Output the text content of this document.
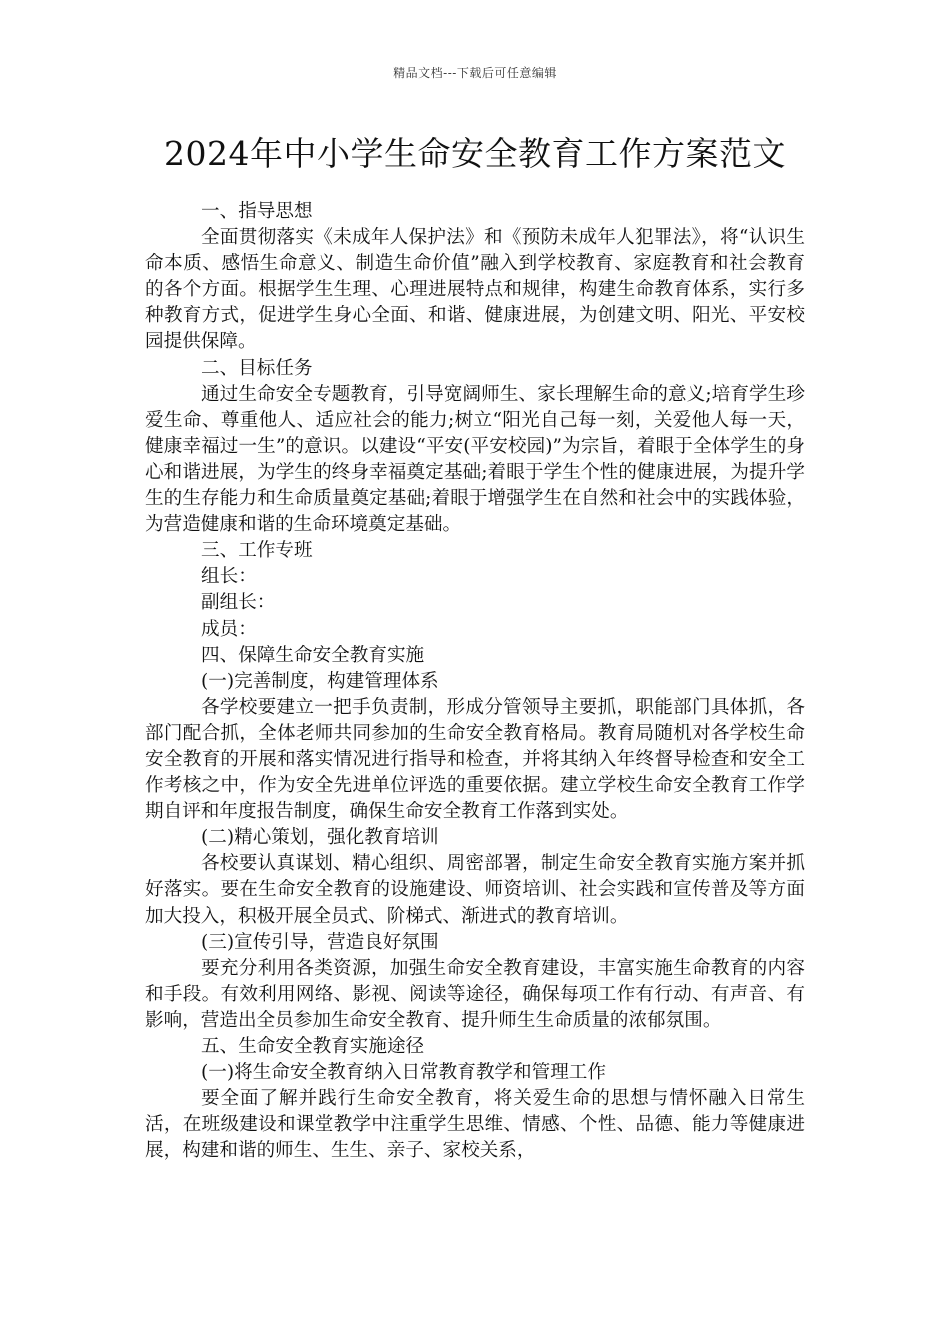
精品文档---下载后可任意编辑
2024年中小学生命安全教育工作方案范文

一、指导思想

全面贯彻落实《未成年人保护法》和《预防未成年人犯罪法》，将“认识生命本质、感悟生命意义、制造生命价值”融入到学校教育、家庭教育和社会教育的各个方面。根据学生生理、心理进展特点和规律，构建生命教育体系，实行多种教育方式，促进学生身心全面、和谐、健康进展，为创建文明、阳光、平安校园提供保障。

二、目标任务

通过生命安全专题教育，引导宽阔师生、家长理解生命的意义;培育学生珍爱生命、尊重他人、适应社会的能力;树立“阳光自己每一刻，关爱他人每一天，健康幸福过一生”的意识。以建设“平安(平安校园)”为宗旨，着眼于全体学生的身心和谐进展，为学生的终身幸福奠定基础;着眼于学生个性的健康进展，为提升学生的生存能力和生命质量奠定基础;着眼于增强学生在自然和社会中的实践体验，为营造健康和谐的生命环境奠定基础。

三、工作专班

组长：

副组长：

成员：

四、保障生命安全教育实施

(一)完善制度，构建管理体系

各学校要建立一把手负责制，形成分管领导主要抓，职能部门具体抓，各部门配合抓，全体老师共同参加的生命安全教育格局。教育局随机对各学校生命安全教育的开展和落实情况进行指导和检查，并将其纳入年终督导检查和安全工作考核之中，作为安全先进单位评选的重要依据。建立学校生命安全教育工作学期自评和年度报告制度，确保生命安全教育工作落到实处。

(二)精心策划，强化教育培训

各校要认真谋划、精心组织、周密部署，制定生命安全教育实施方案并抓好落实。要在生命安全教育的设施建设、师资培训、社会实践和宣传普及等方面加大投入，积极开展全员式、阶梯式、渐进式的教育培训。

(三)宣传引导，营造良好氛围

要充分利用各类资源，加强生命安全教育建设，丰富实施生命教育的内容和手段。有效利用网络、影视、阅读等途径，确保每项工作有行动、有声音、有影响，营造出全员参加生命安全教育、提升师生生命质量的浓郁氛围。

五、生命安全教育实施途径

(一)将生命安全教育纳入日常教育教学和管理工作

要全面了解并践行生命安全教育，将关爱生命的思想与情怀融入日常生活，在班级建设和课堂教学中注重学生思维、情感、个性、品德、能力等健康进展，构建和谐的师生、生生、亲子、家校关系，
